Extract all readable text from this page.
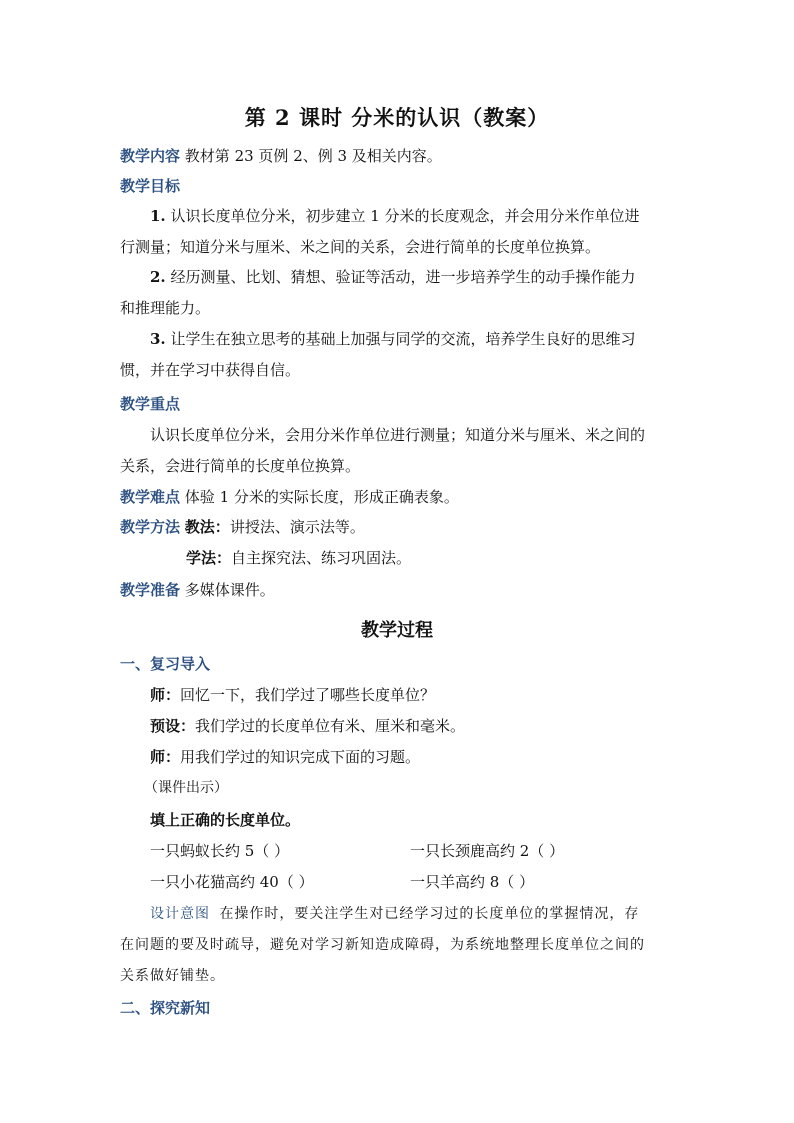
第 2 课时 分米的认识（教案）
教学内容 教材第 23 页例 2、例 3 及相关内容。
教学目标
1. 认识长度单位分米，初步建立 1 分米的长度观念，并会用分米作单位进
行测量；知道分米与厘米、米之间的关系，会进行简单的长度单位换算。
2. 经历测量、比划、猜想、验证等活动，进一步培养学生的动手操作能力
和推理能力。
3. 让学生在独立思考的基础上加强与同学的交流，培养学生良好的思维习
惯，并在学习中获得自信。
教学重点
认识长度单位分米，会用分米作单位进行测量；知道分米与厘米、米之间的
关系，会进行简单的长度单位换算。
教学难点 体验 1 分米的实际长度，形成正确表象。
教学方法 教法：讲授法、演示法等。
学法：自主探究法、练习巩固法。
教学准备 多媒体课件。
教学过程
一、复习导入
师：回忆一下，我们学过了哪些长度单位？
预设：我们学过的长度单位有米、厘米和毫米。
师：用我们学过的知识完成下面的习题。
（课件出示）
填上正确的长度单位。
一只蚂蚁长约 5（ ）	一只长颈鹿高约 2（ ）
一只小花猫高约 40（ ）	一只羊高约 8（ ）
设计意图 在操作时，要关注学生对已经学习过的长度单位的掌握情况，存
在问题的要及时疏导，避免对学习新知造成障碍，为系统地整理长度单位之间的
关系做好铺垫。
二、探究新知
